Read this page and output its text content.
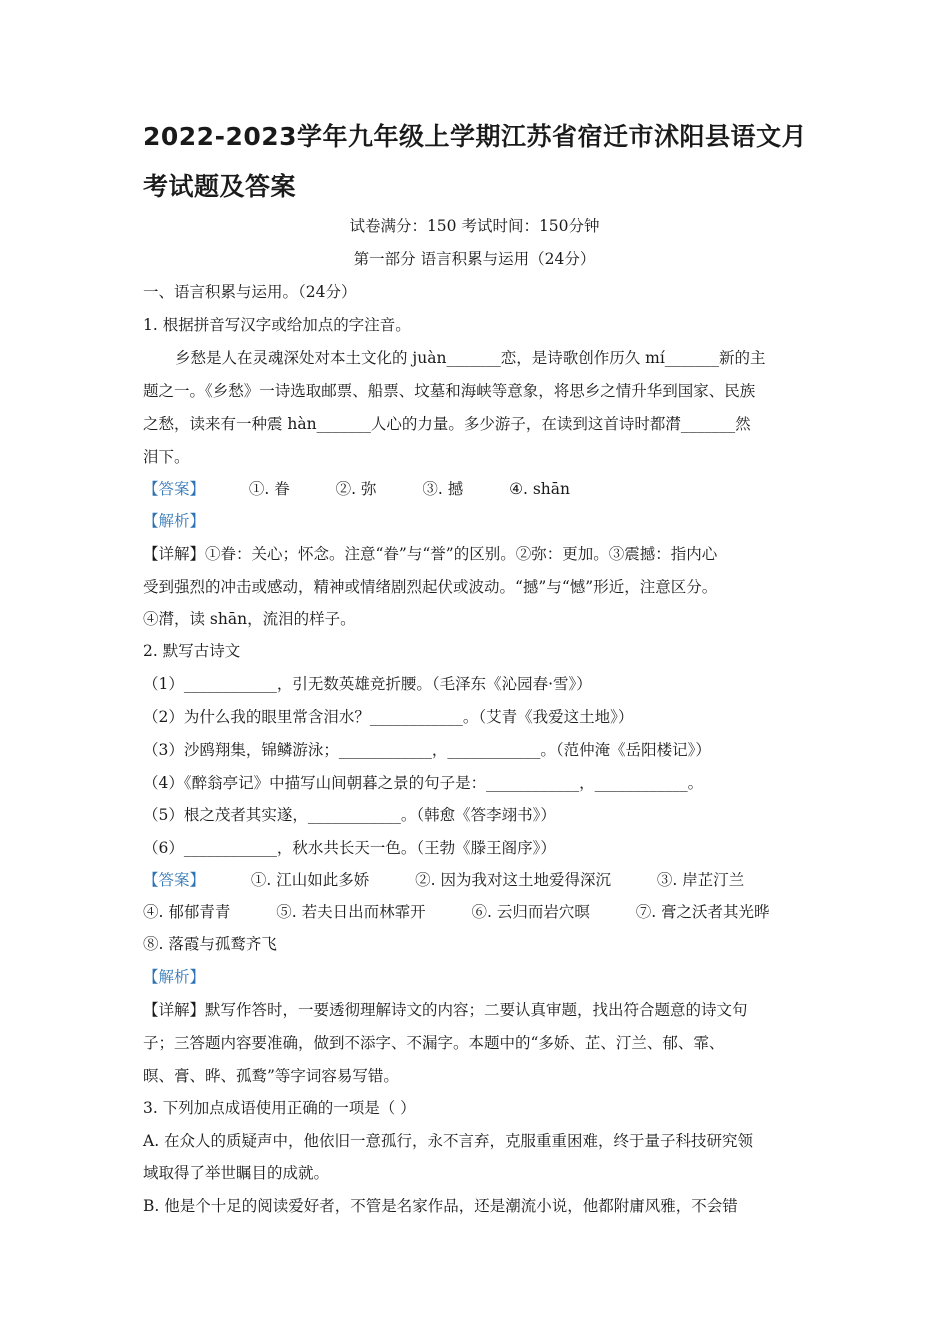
2022-2023学年九年级上学期江苏省宿迁市沭阳县语文月考试题及答案
试卷满分：150 考试时间：150分钟
第一部分 语言积累与运用（24分）
一、语言积累与运用。（24分）
1. 根据拼音写汉字或给加点的字注音。
乡愁是人在灵魂深处对本土文化的 juàn_______恋，是诗歌创作历久 mí_______新的主
题之一。《乡愁》一诗选取邮票、船票、坟墓和海峡等意象，将思乡之情升华到国家、民族
之愁，读来有一种震 hàn_______人心的力量。多少游子，在读到这首诗时都潸_______然
泪下。
【答案】	①. 眷	②. 弥	③. 撼	④. shān
【解析】
【详解】①眷：关心；怀念。注意“眷”与“誉”的区别。②弥：更加。③震撼：指内心
受到强烈的冲击或感动，精神或情绪剧烈起伏或波动。“撼”与“憾”形近，注意区分。
④潸，读 shān，流泪的样子。
2. 默写古诗文
（1）____________，引无数英雄竞折腰。（毛泽东《沁园春·雪》）
（2）为什么我的眼里常含泪水？____________。（艾青《我爱这土地》）
（3）沙鸥翔集，锦鳞游泳；____________，____________。（范仲淹《岳阳楼记》）
（4）《醉翁亭记》中描写山间朝暮之景的句子是：____________，____________。
（5）根之茂者其实遂，____________。（韩愈《答李翊书》）
（6）____________，秋水共长天一色。（王勃《滕王阁序》）
【答案】	①. 江山如此多娇	②. 因为我对这土地爱得深沉	③. 岸芷汀兰
④. 郁郁青青	⑤. 若夫日出而林霏开	⑥. 云归而岩穴暝	⑦. 膏之沃者其光晔
⑧. 落霞与孤鹜齐飞
【解析】
【详解】默写作答时，一要透彻理解诗文的内容；二要认真审题，找出符合题意的诗文句
子；三答题内容要准确，做到不添字、不漏字。本题中的“多娇、芷、汀兰、郁、霏、
暝、膏、晔、孤鹜”等字词容易写错。
3. 下列加点成语使用正确的一项是（ ）
A. 在众人的质疑声中，他依旧一意孤行，永不言弃，克服重重困难，终于量子科技研究领
域取得了举世瞩目的成就。
B. 他是个十足的阅读爱好者，不管是名家作品，还是潮流小说，他都附庸风雅，不会错
